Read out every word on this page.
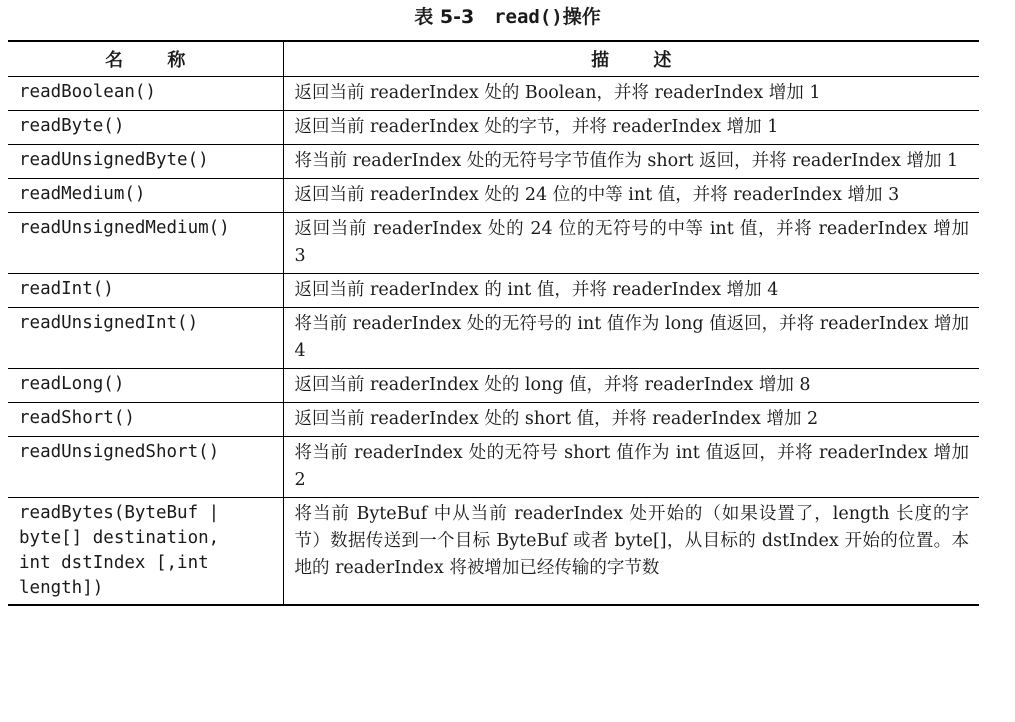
表 5-3 read()操作
名 称	描 述
readBoolean()	返回当前 readerIndex 处的 Boolean，并将 readerIndex 增加 1
readByte()	返回当前 readerIndex 处的字节，并将 readerIndex 增加 1
readUnsignedByte()	将当前 readerIndex 处的无符号字节值作为 short 返回，并将 readerIndex 增加 1
readMedium()	返回当前 readerIndex 处的 24 位的中等 int 值，并将 readerIndex 增加 3
readUnsignedMedium()	返回当前 readerIndex 处的 24 位的无符号的中等 int 值，并将 readerIndex 增加 3
readInt()	返回当前 readerIndex 的 int 值，并将 readerIndex 增加 4
readUnsignedInt()	将当前 readerIndex 处的无符号的 int 值作为 long 值返回，并将 readerIndex 增加 4
readLong()	返回当前 readerIndex 处的 long 值，并将 readerIndex 增加 8
readShort()	返回当前 readerIndex 处的 short 值，并将 readerIndex 增加 2
readUnsignedShort()	将当前 readerIndex 处的无符号 short 值作为 int 值返回，并将 readerIndex 增加 2
readBytes(ByteBuf |
byte[] destination,
int dstIndex [,int
length])	将当前 ByteBuf 中从当前 readerIndex 处开始的（如果设置了，length 长度的字节）数据传送到一个目标 ByteBuf 或者 byte[]，从目标的 dstIndex 开始的位置。本地的 readerIndex 将被增加已经传输的字节数
